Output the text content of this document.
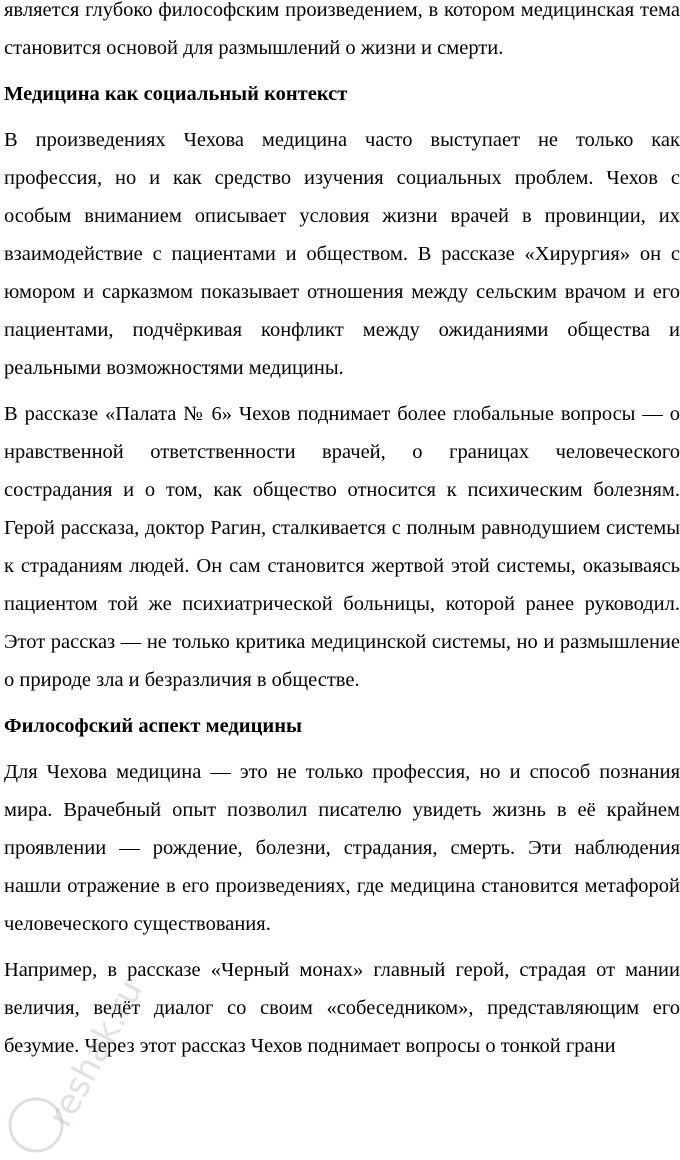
является глубоко философским произведением, в котором медицинская тема становится основой для размышлений о жизни и смерти.

Медицина как социальный контекст

В произведениях Чехова медицина часто выступает не только как профессия, но и как средство изучения социальных проблем. Чехов с особым вниманием описывает условия жизни врачей в провинции, их взаимодействие с пациентами и обществом. В рассказе «Хирургия» он с юмором и сарказмом показывает отношения между сельским врачом и его пациентами, подчёркивая конфликт между ожиданиями общества и реальными возможностями медицины.

В рассказе «Палата № 6» Чехов поднимает более глобальные вопросы — о нравственной ответственности врачей, о границах человеческого сострадания и о том, как общество относится к психическим болезням. Герой рассказа, доктор Рагин, сталкивается с полным равнодушием системы к страданиям людей. Он сам становится жертвой этой системы, оказываясь пациентом той же психиатрической больницы, которой ранее руководил. Этот рассказ — не только критика медицинской системы, но и размышление о природе зла и безразличия в обществе.

Философский аспект медицины

Для Чехова медицина — это не только профессия, но и способ познания мира. Врачебный опыт позволил писателю увидеть жизнь в её крайнем проявлении — рождение, болезни, страдания, смерть. Эти наблюдения нашли отражение в его произведениях, где медицина становится метафорой человеческого существования.

Например, в рассказе «Черный монах» главный герой, страдая от мании величия, ведёт диалог со своим «собеседником», представляющим его безумие. Через этот рассказ Чехов поднимает вопросы о тонкой грани

reshak.ru
